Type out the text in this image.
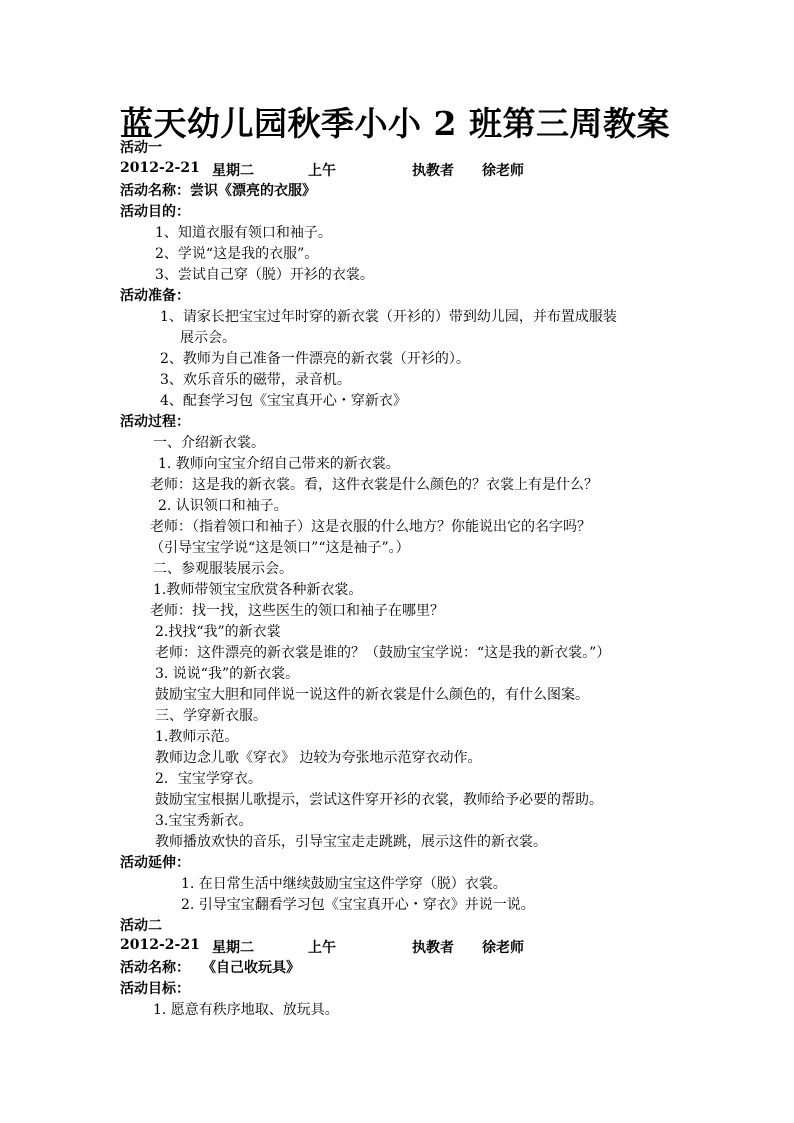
蓝天幼儿园秋季小小 2 班第三周教案
活动一
2012-2-21 星期二	上午	执教者 徐老师
活动名称：尝识《漂亮的衣服》
活动目的：
1、知道衣服有领口和袖子。
2、学说“这是我的衣服”。
3、尝试自己穿（脱）开衫的衣裳。
活动准备：
1、请家长把宝宝过年时穿的新衣裳（开衫的）带到幼儿园，并布置成服装
展示会。
2、教师为自己准备一件漂亮的新衣裳（开衫的）。
3、欢乐音乐的磁带，录音机。
4、配套学习包《宝宝真开心・穿新衣》
活动过程：
一、介绍新衣裳。
1. 教师向宝宝介绍自己带来的新衣裳。
老师：这是我的新衣裳。看，这件衣裳是什么颜色的？衣裳上有是什么？
2. 认识领口和袖子。
老师：（指着领口和袖子）这是衣服的什么地方？你能说出它的名字吗？
（引导宝宝学说“这是领口”“这是袖子”。）
二、参观服装展示会。
1.教师带领宝宝欣赏各种新衣裳。
老师：找一找，这些医生的领口和袖子在哪里？
2.找找“我”的新衣裳
老师：这件漂亮的新衣裳是谁的？（鼓励宝宝学说：“这是我的新衣裳。”）
3. 说说“我”的新衣裳。
鼓励宝宝大胆和同伴说一说这件的新衣裳是什么颜色的，有什么图案。
三、学穿新衣服。
1.教师示范。
教师边念儿歌《穿衣》 边较为夸张地示范穿衣动作。
2．宝宝学穿衣。
鼓励宝宝根据儿歌提示，尝试这件穿开衫的衣裳，教师给予必要的帮助。
3.宝宝秀新衣。
教师播放欢快的音乐，引导宝宝走走跳跳，展示这件的新衣裳。
活动延伸：
1. 在日常生活中继续鼓励宝宝这件学穿（脱）衣裳。
2. 引导宝宝翻看学习包《宝宝真开心・穿衣》并说一说。
活动二
2012-2-21 星期二	上午	执教者 徐老师
活动名称： 《自己收玩具》
活动目标：
1. 愿意有秩序地取、放玩具。
